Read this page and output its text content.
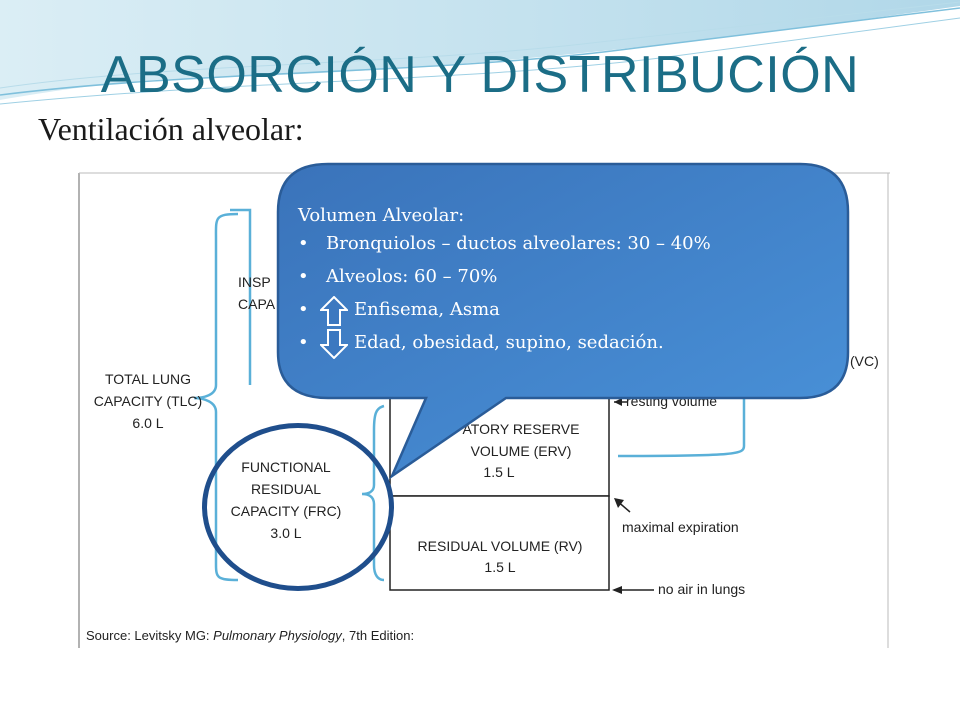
ABSORCIÓN Y DISTRIBUCIÓN
Ventilación alveolar:
INSP
CAPA
TOTAL LUNG
CAPACITY (TLC)
6.0 L
FUNCTIONAL
RESIDUAL
CAPACITY (FRC)
3.0 L
ATORY RESERVE
VOLUME (ERV)
1.5 L
RESIDUAL VOLUME (RV)
1.5 L
(VC)
resting volume
maximal expiration
no air in lungs
Source: Levitsky MG: Pulmonary Physiology, 7th Edition:
Volumen Alveolar:
• Bronquiolos – ductos alveolares: 30 – 40%
• Alveolos: 60 – 70%
•	Enfisema, Asma
•	Edad, obesidad, supino, sedación.
